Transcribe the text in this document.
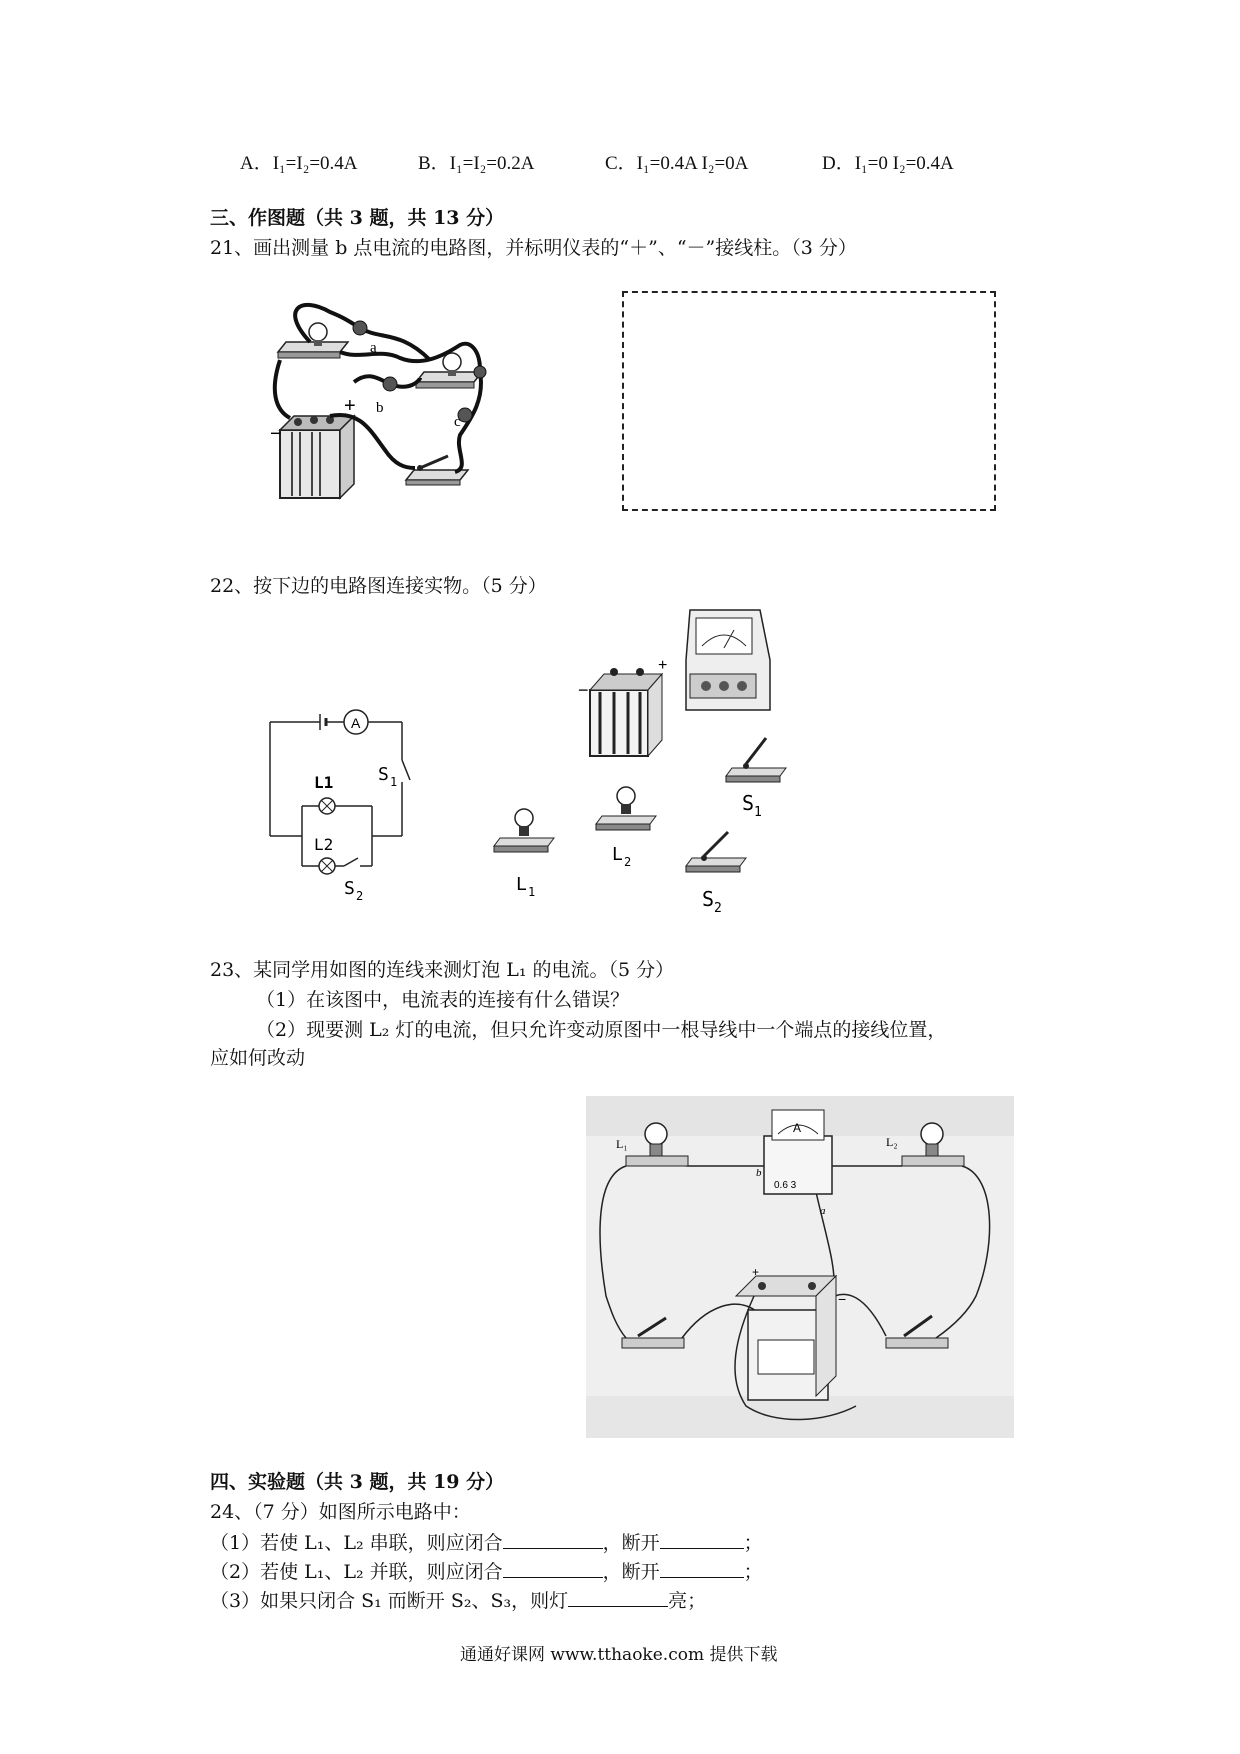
A．I₁=I₂=0.4A	B．I₁=I₂=0.2A	C．I₁=0.4A I₂=0A	D．I₁=0 I₂=0.4A
三、作图题（共 3 题，共 13 分）
21、画出测量 b 点电流的电路图，并标明仪表的“＋”、“－”接线柱。（3 分）
a
b
c
+
−
22、按下边的电路图连接实物。（5 分）
A
L1
L2
S 1
S 2
−
+
S 1
L 2
L 1	S 2
23、某同学用如图的连线来测灯泡 L₁ 的电流。（5 分）
（1）在该图中，电流表的连接有什么错误？
（2）现要测 L₂ 灯的电流，但只允许变动原图中一根导线中一个端点的接线位置，
应如何改动
L₁	L₂
A
0.6 3
b
a
+
−
四、实验题（共 3 题，共 19 分）
24、（7 分）如图所示电路中：
（1）若使 L₁、L₂ 串联，则应闭合	，断开	；
（2）若使 L₁、L₂ 并联，则应闭合	，断开	；
（3）如果只闭合 S₁ 而断开 S₂、S₃，则灯	亮；
通通好课网 www.tthaoke.com 提供下载
